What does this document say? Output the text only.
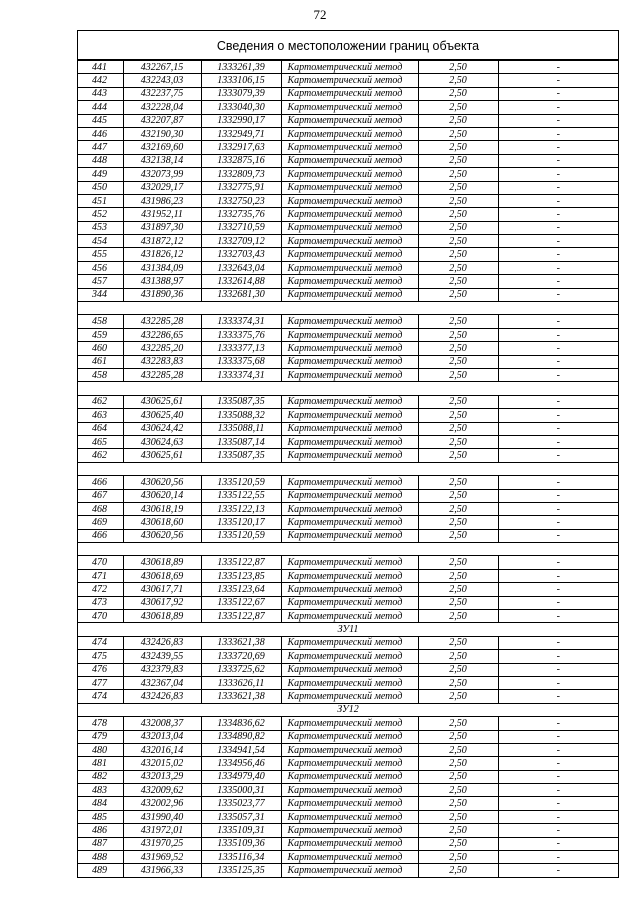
72
Сведения о местоположении границ объекта
441	432267,15	1333261,39	Картометрический метод	2,50	-
442	432243,03	1333106,15	Картометрический метод	2,50	-
443	432237,75	1333079,39	Картометрический метод	2,50	-
444	432228,04	1333040,30	Картометрический метод	2,50	-
445	432207,87	1332990,17	Картометрический метод	2,50	-
446	432190,30	1332949,71	Картометрический метод	2,50	-
447	432169,60	1332917,63	Картометрический метод	2,50	-
448	432138,14	1332875,16	Картометрический метод	2,50	-
449	432073,99	1332809,73	Картометрический метод	2,50	-
450	432029,17	1332775,91	Картометрический метод	2,50	-
451	431986,23	1332750,23	Картометрический метод	2,50	-
452	431952,11	1332735,76	Картометрический метод	2,50	-
453	431897,30	1332710,59	Картометрический метод	2,50	-
454	431872,12	1332709,12	Картометрический метод	2,50	-
455	431826,12	1332703,43	Картометрический метод	2,50	-
456	431384,09	1332643,04	Картометрический метод	2,50	-
457	431388,97	1332614,88	Картометрический метод	2,50	-
344	431890,36	1332681,30	Картометрический метод	2,50	-

458	432285,28	1333374,31	Картометрический метод	2,50	-
459	432286,65	1333375,76	Картометрический метод	2,50	-
460	432285,20	1333377,13	Картометрический метод	2,50	-
461	432283,83	1333375,68	Картометрический метод	2,50	-
458	432285,28	1333374,31	Картометрический метод	2,50	-

462	430625,61	1335087,35	Картометрический метод	2,50	-
463	430625,40	1335088,32	Картометрический метод	2,50	-
464	430624,42	1335088,11	Картометрический метод	2,50	-
465	430624,63	1335087,14	Картометрический метод	2,50	-
462	430625,61	1335087,35	Картометрический метод	2,50	-

466	430620,56	1335120,59	Картометрический метод	2,50	-
467	430620,14	1335122,55	Картометрический метод	2,50	-
468	430618,19	1335122,13	Картометрический метод	2,50	-
469	430618,60	1335120,17	Картометрический метод	2,50	-
466	430620,56	1335120,59	Картометрический метод	2,50	-

470	430618,89	1335122,87	Картометрический метод	2,50	-
471	430618,69	1335123,85	Картометрический метод	2,50	-
472	430617,71	1335123,64	Картометрический метод	2,50	-
473	430617,92	1335122,67	Картометрический метод	2,50	-
470	430618,89	1335122,87	Картометрический метод	2,50	-
ЗУ11					
474	432426,83	1333621,38	Картометрический метод	2,50	-
475	432439,55	1333720,69	Картометрический метод	2,50	-
476	432379,83	1333725,62	Картометрический метод	2,50	-
477	432367,04	1333626,11	Картометрический метод	2,50	-
474	432426,83	1333621,38	Картометрический метод	2,50	-
ЗУ12					
478	432008,37	1334836,62	Картометрический метод	2,50	-
479	432013,04	1334890,82	Картометрический метод	2,50	-
480	432016,14	1334941,54	Картометрический метод	2,50	-
481	432015,02	1334956,46	Картометрический метод	2,50	-
482	432013,29	1334979,40	Картометрический метод	2,50	-
483	432009,62	1335000,31	Картометрический метод	2,50	-
484	432002,96	1335023,77	Картометрический метод	2,50	-
485	431990,40	1335057,31	Картометрический метод	2,50	-
486	431972,01	1335109,31	Картометрический метод	2,50	-
487	431970,25	1335109,36	Картометрический метод	2,50	-
488	431969,52	1335116,34	Картометрический метод	2,50	-
489	431966,33	1335125,35	Картометрический метод	2,50	-
